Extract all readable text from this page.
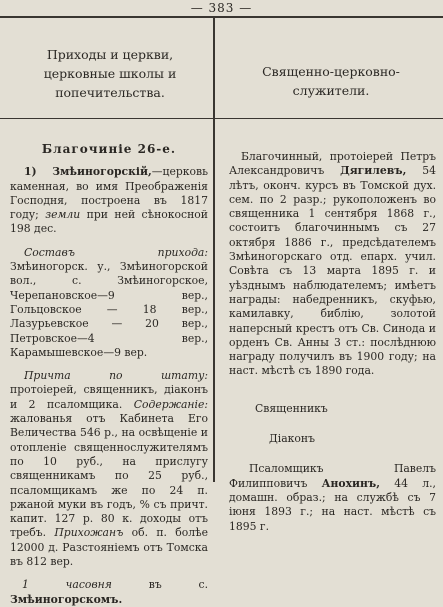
— 383 —
Приходы и церкви, церковные школы и попечительства.
Священно-церковно-служители.

Благочиніе 26-е.

1) Змѣиногорскій,—церковь каменная, во имя Преображенія Господня, построена въ 1817 году; земли при ней сѣнокосной 198 дес.

Составъ прихода: Змѣиногорск. у., Змѣиногорской вол., с. Змѣиногорское, Черепановское—9 вер., Гольцовское — 18 вер., Лазурьевское — 20 вер., Петровское—4 вер., Карамышевское—9 вер.

Причта по штату: протоіерей, священникъ, діаконъ и 2 псаломщика. Содержаніе: жалованья отъ Кабинета Его Величества 546 р., на освѣщеніе и отопленіе священнослужителямъ по 10 руб., на прислугу священникамъ по 25 руб., псаломщикамъ же по 24 п. ржаной муки въ годъ, % съ причт. капит. 127 р. 80 к. доходы отъ требъ. Прихожанъ об. п. болѣе 12000 д. Разстояніемъ отъ Томска въ 812 вер.

1 часовня	въ с. Змѣиногорскомъ.

Благочинный, протоіерей Петръ Александровичъ Дягилевъ, 54 лѣтъ, оконч. курсъ въ Томской дух. сем. по 2 разр.; рукоположенъ во священника 1 сентября 1868 г., состоитъ благочиннымъ съ 27 октября 1886 г., предсѣдателемъ Змѣиногорскаго отд. епарх. учил. Совѣта съ 13 марта 1895 г. и уѣзднымъ наблюдателемъ; имѣетъ награды: набедренникъ, скуфью, камилавку, библію, золотой наперсный крестъ отъ Св. Синода и орденъ Св. Анны 3 ст.: послѣднюю награду получилъ въ 1900 году; на наст. мѣстѣ съ 1890 года.

Священникъ

Діаконъ

Псаломщикъ Павелъ Филипповичъ Анохинъ, 44 л., домашн. образ.; на службѣ съ 7 іюня 1893 г.; на наст. мѣстѣ съ 1895 г.
